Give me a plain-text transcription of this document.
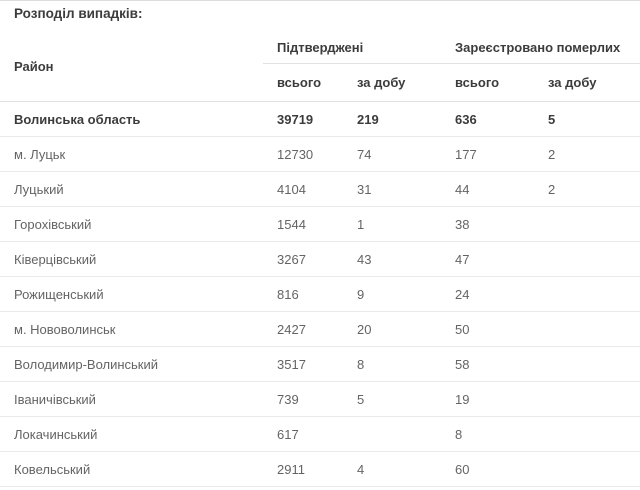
Розподіл випадків:
Район	Підтверджені		Зареєстровано померлих	
	всього	за добу	всього	за добу
Волинська область	39719	219	636	5
м. Луцьк	12730	74	177	2
Луцький	4104	31	44	2
Горохівський	1544	1	38	
Ківерцівський	3267	43	47	
Рожищенський	816	9	24	
м. Нововолинськ	2427	20	50	
Володимир-Волинський	3517	8	58	
Іваничівський	739	5	19	
Локачинський	617		8	
Ковельський	2911	4	60	
